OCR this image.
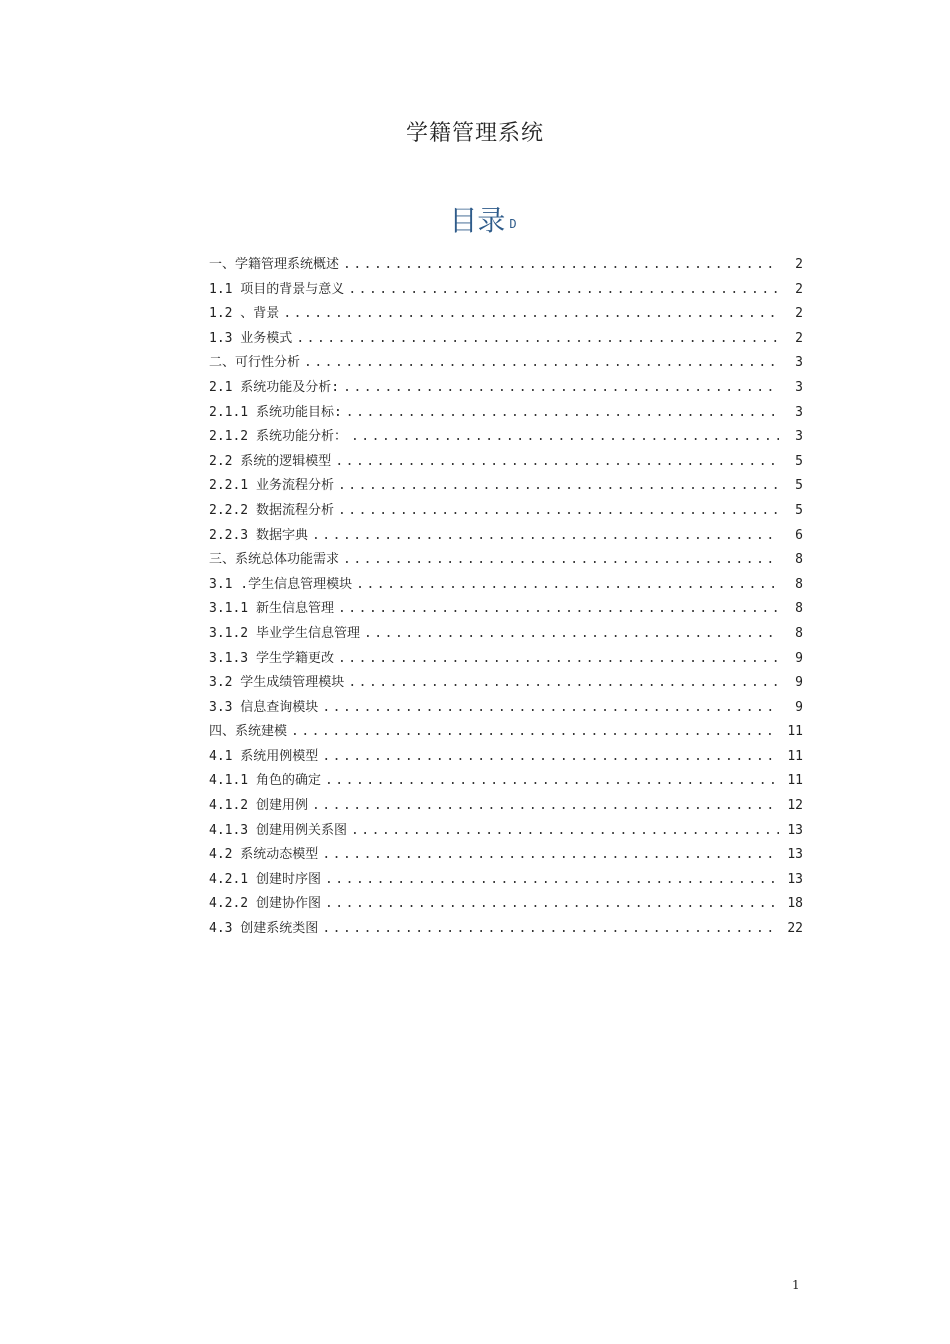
学籍管理系统
目录 D
一、学籍管理系统概述 .....	2
1.1 项目的背景与意义 .....	2
1.2 、背景 .....	2
1.3 业务模式 .....	2
二、可行性分析 .....	3
2.1 系统功能及分析: .....	3
2.1.1 系统功能目标: .....	3
2.1.2 系统功能分析： .....	3
2.2 系统的逻辑模型 .....	5
2.2.1 业务流程分析 .....	5
2.2.2 数据流程分析 .....	5
2.2.3 数据字典 .....	6
三、系统总体功能需求 .....	8
3.1 .学生信息管理模块 .....	8
3.1.1 新生信息管理 .....	8
3.1.2 毕业学生信息管理 .....	8
3.1.3 学生学籍更改 .....	9
3.2 学生成绩管理模块 .....	9
3.3 信息查询模块 .....	9
四、系统建模 .....	11
4.1 系统用例模型 .....	11
4.1.1 角色的确定 .....	11
4.1.2 创建用例 .....	12
4.1.3 创建用例关系图 .....	13
4.2 系统动态模型 .....	13
4.2.1 创建时序图 .....	13
4.2.2 创建协作图 .....	18
4.3 创建系统类图 .....	22
1
